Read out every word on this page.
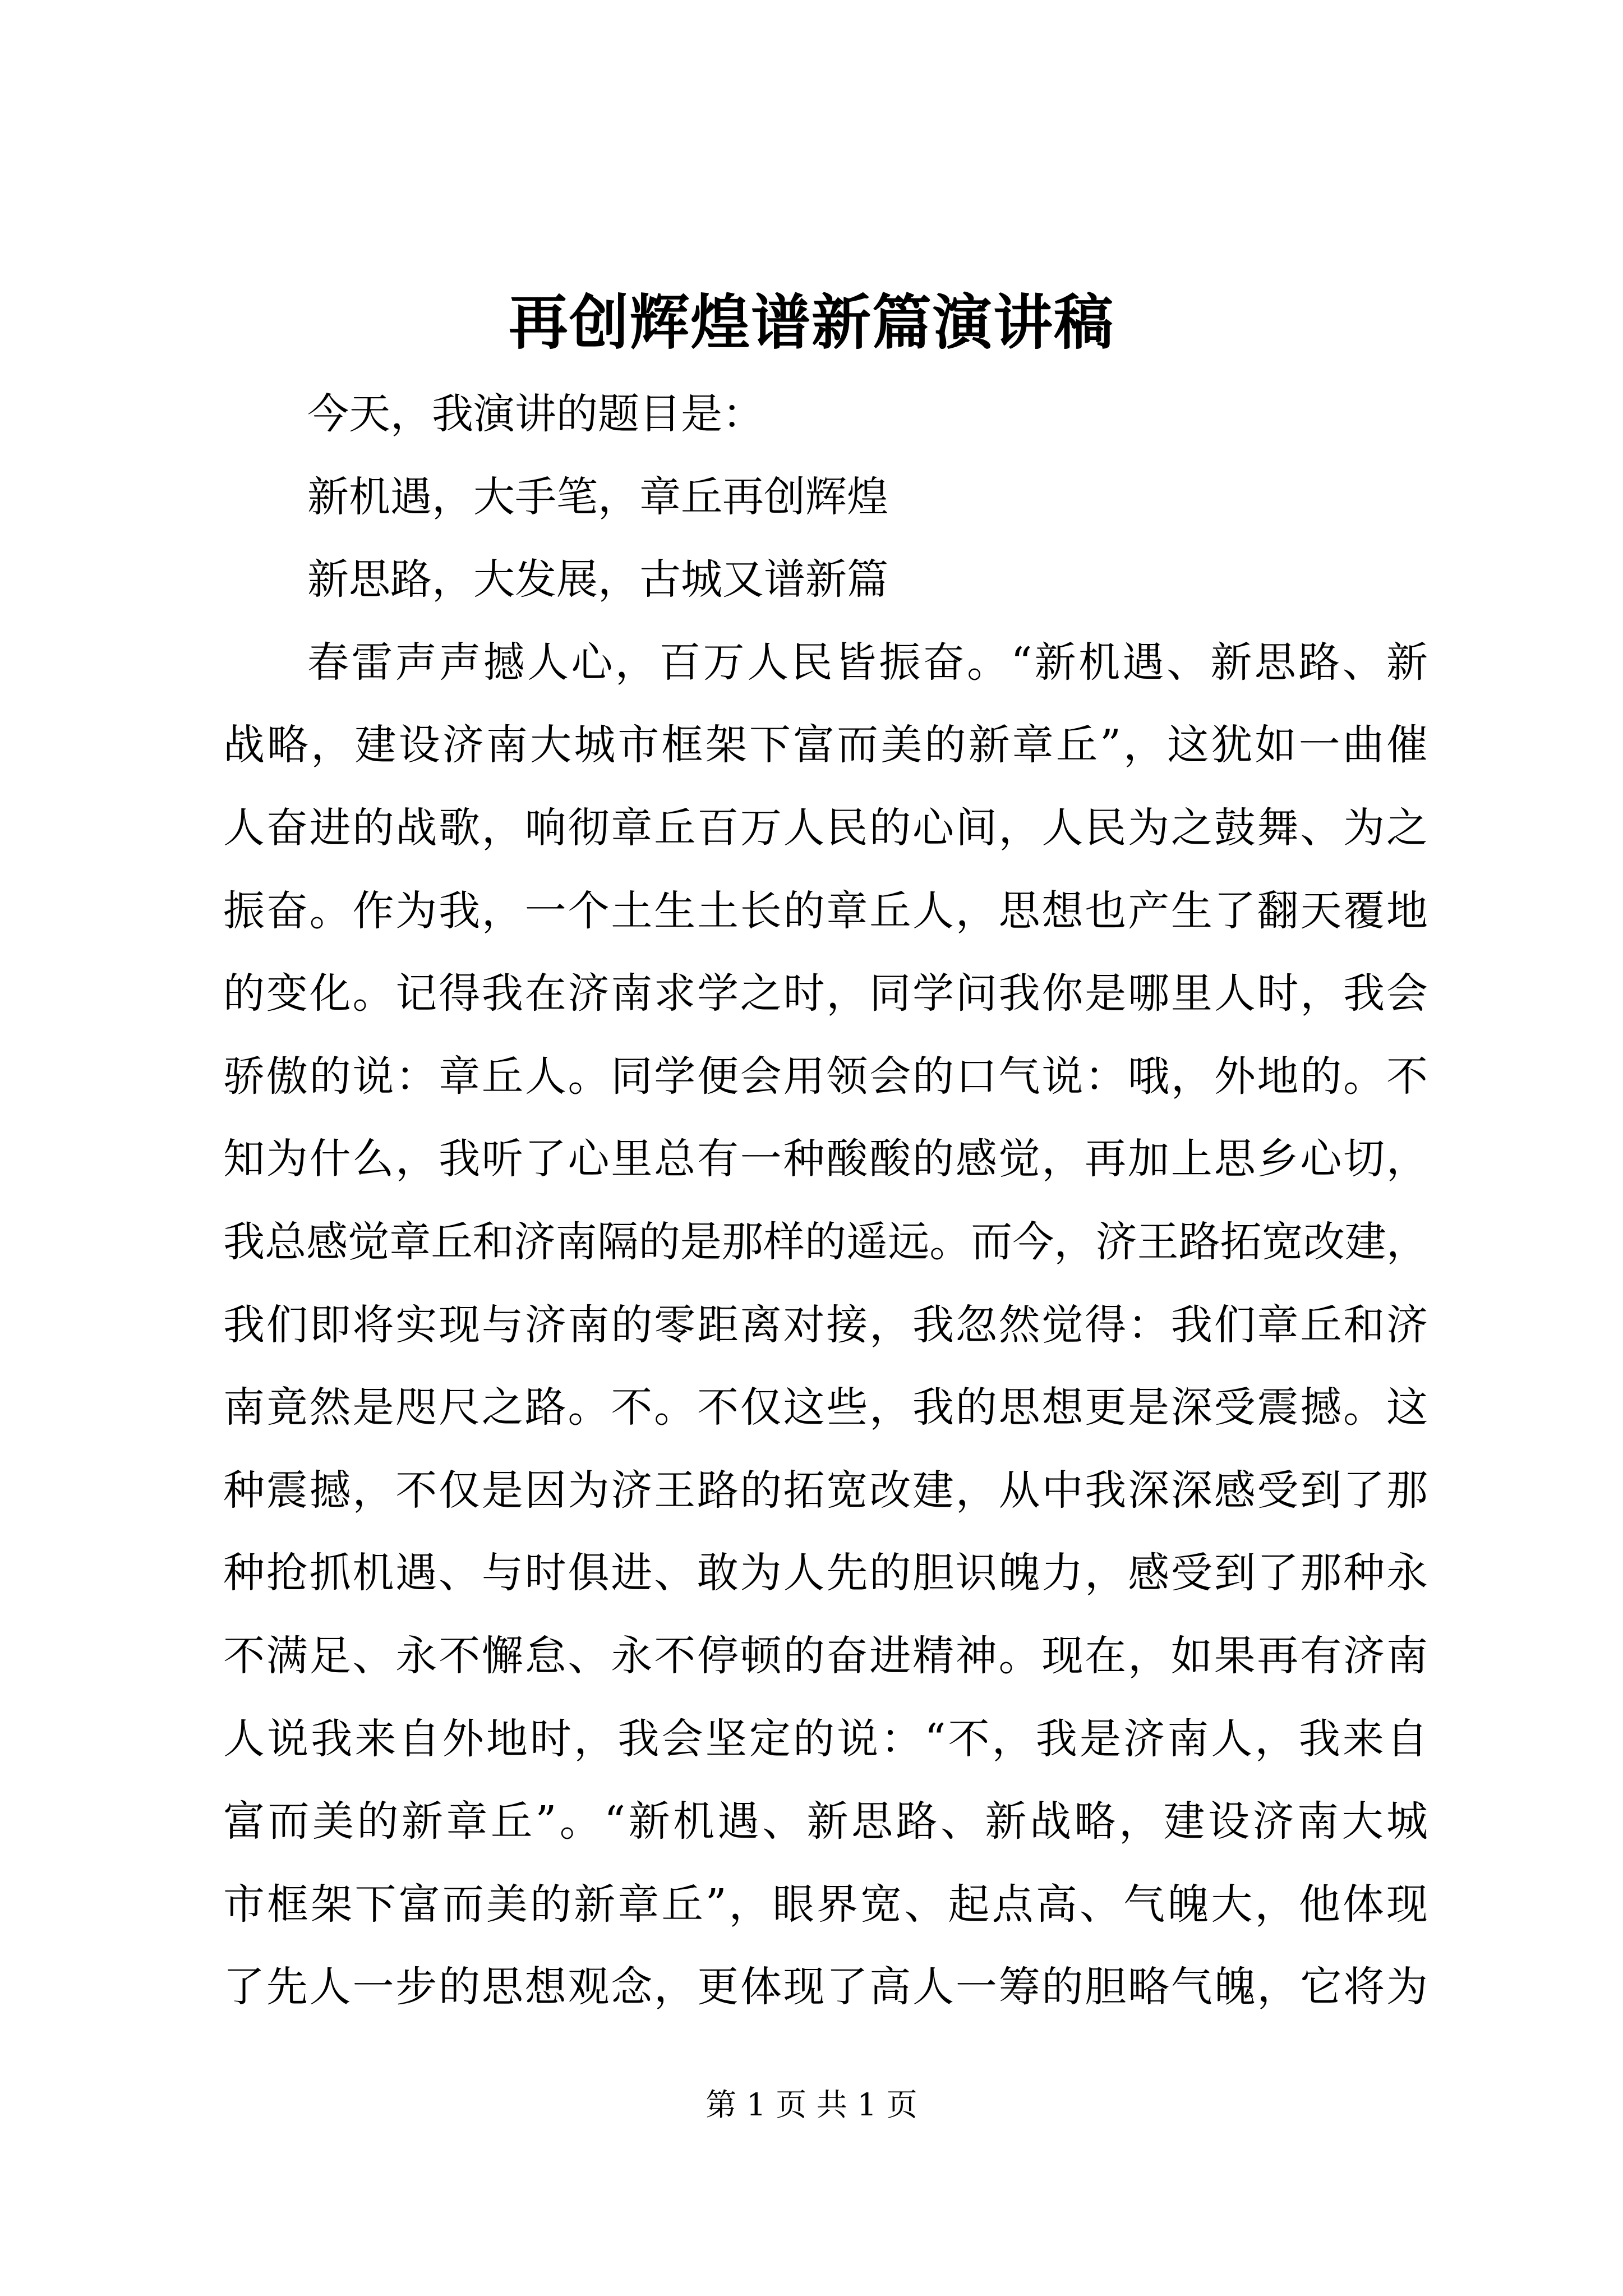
再创辉煌谱新篇演讲稿
今天，我演讲的题目是：
新机遇，大手笔，章丘再创辉煌
新思路，大发展，古城又谱新篇
春雷声声撼人心，百万人民皆振奋。“新机遇、新思路、新
战略，建设济南大城市框架下富而美的新章丘”，这犹如一曲催
人奋进的战歌，响彻章丘百万人民的心间，人民为之鼓舞、为之
振奋。作为我，一个土生土长的章丘人，思想也产生了翻天覆地
的变化。记得我在济南求学之时，同学问我你是哪里人时，我会
骄傲的说：章丘人。同学便会用领会的口气说：哦，外地的。不
知为什么，我听了心里总有一种酸酸的感觉，再加上思乡心切，
我总感觉章丘和济南隔的是那样的遥远。而今，济王路拓宽改建，
我们即将实现与济南的零距离对接，我忽然觉得：我们章丘和济
南竟然是咫尺之路。不。不仅这些，我的思想更是深受震撼。这
种震撼，不仅是因为济王路的拓宽改建，从中我深深感受到了那
种抢抓机遇、与时俱进、敢为人先的胆识魄力，感受到了那种永
不满足、永不懈怠、永不停顿的奋进精神。现在，如果再有济南
人说我来自外地时，我会坚定的说：“不，我是济南人，我来自
富而美的新章丘”。“新机遇、新思路、新战略，建设济南大城
市框架下富而美的新章丘”，眼界宽、起点高、气魄大，他体现
了先人一步的思想观念，更体现了高人一筹的胆略气魄，它将为
第 1 页 共 1 页
